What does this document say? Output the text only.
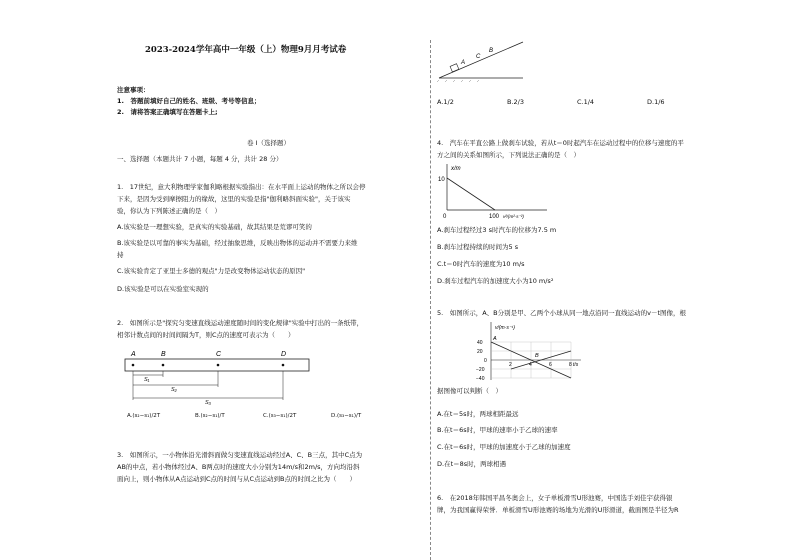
2023-2024学年高中一年级（上）物理9月月考试卷
注意事项：
1.　答题前填好自己的姓名、班级、考号等信息；
2.　请将答案正确填写在答题卡上;
卷 I（选择题）
一、选择题（本题共计 7 小题，每题 4 分，共计 28 分）
1.　17世纪，意大利物理学家伽利略根据实验指出：在水平面上运动的物体之所以会停
下来，是因为受到摩擦阻力的缘故，这里的实验是指"伽利略斜面实验"，关于该实
验，你认为下列陈述正确的是（　）
A.该实验是一理想实验，是真实的实验基础，故其结果是荒谬可笑的
B.该实验是以可靠的事实为基础，经过抽象思维，反映出物体的运动并不需要力来维
持
C.该实验肯定了亚里士多德的观点"力是改变物体运动状态的原因"
D.该实验是可以在实验室实现的
2.　如图所示是"探究匀变速直线运动速度随时间的变化规律"实验中打出的一条纸带，
相邻计数点间的时间间隔为T，则C点的速度可表示为（　　）
A	B	C	D
S₁
S₂
S₃
A.(s₂−s₁)/2T	B.(s₂−s₁)/T	C.(s₃−s₁)/2T	D.(s₃−s₁)/T
3.　如图所示，一小物体沿光滑斜面做匀变速直线运动经过A、C、B三点，其中C点为
AB的中点，若小物体经过A、B两点时的速度大小分别为14m/s和2m/s，方向均沿斜
面向上，则小物体从A点运动到C点的时间与从C点运动到B点的时间之比为（　　）
A
C
B
A.1/2	B.2/3	C.1/4	D.1/6
4.　汽车在平直公路上做刹车试验，若从t＝0时起汽车在运动过程中的位移与速度的平
方之间的关系如图所示，下列说法正确的是（　）
x/m
10
0	100 v²/(m²·s⁻²)
A.刹车过程经过3 s时汽车的位移为7.5 m
B.刹车过程持续的时间为5 s
C.t＝0时汽车的速度为10 m/s
D.刹车过程汽车的加速度大小为10 m/s²
5.　如图所示，A、B分别是甲、乙两个小球从同一地点沿同一直线运动的v－t图像，根
v/(m·s⁻¹)
40
20
0
−20
−40
2	4	6	8 t/s
A
B
据图像可以判断（　）
A.在t＝5s时，两球相距最远
B.在t＝6s时，甲球的速率小于乙球的速率
C.在t＝6s时，甲球的加速度小于乙球的加速度
D.在t＝8s时，两球相遇
6.　在2018年韩国平昌冬奥会上，女子单板滑雪U形池赛，中国选手刘佳宇获得银
牌，为我国赢得荣誉．单板滑雪U形池赛的场地为光滑的U形滑道，截面图是半径为R
